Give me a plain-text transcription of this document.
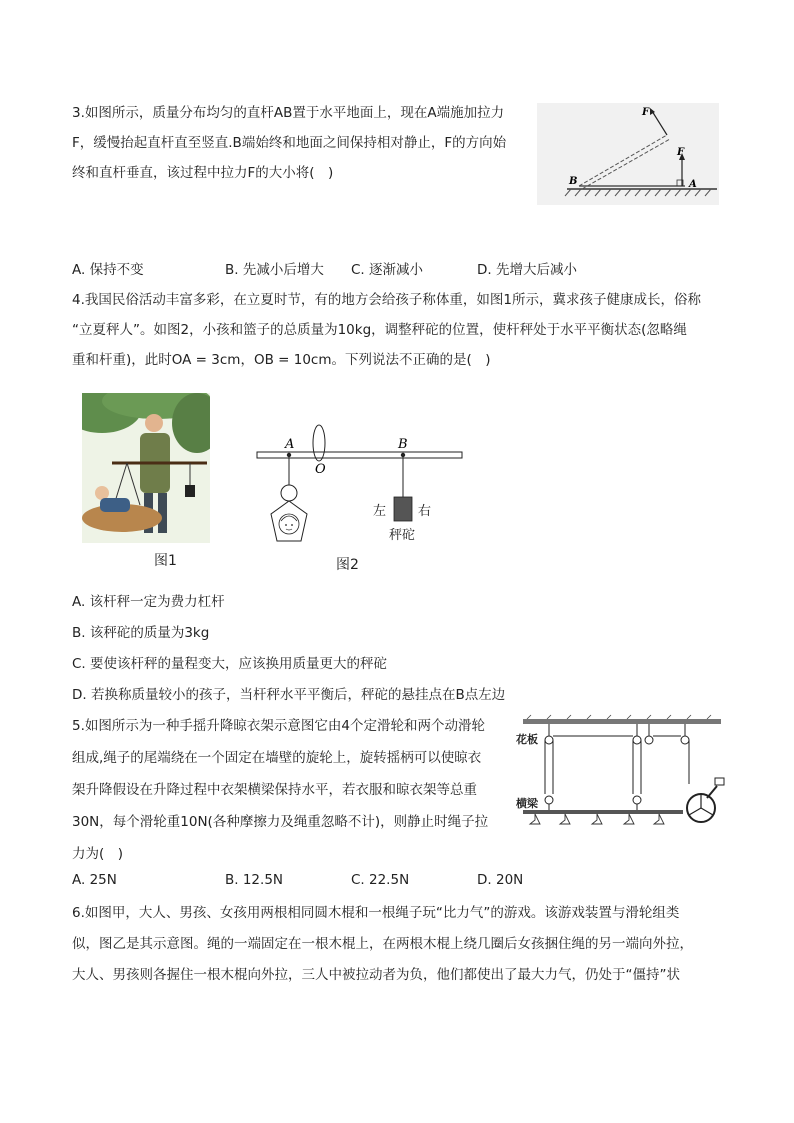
3.如图所示，质量分布均匀的直杆AB置于水平地面上，现在A端施加拉力
F，缓慢抬起直杆直至竖直.B端始终和地面之间保持相对静止，F的方向始
终和直杆垂直，该过程中拉力F的大小将(　)
F
F
B	A
A. 保持不变	B. 先减小后增大 C. 逐渐减小	D. 先增大后减小
4.我国民俗活动丰富多彩，在立夏时节，有的地方会给孩子称体重，如图1所示，冀求孩子健康成长，俗称
“立夏秤人”。如图2，小孩和篮子的总质量为10kg，调整秤砣的位置，使杆秤处于水平平衡状态(忽略绳
重和杆重)，此时OA = 3cm，OB = 10cm。下列说法不正确的是(　)
图1
A
O
B
左 右
秤砣
图2
A. 该杆秤一定为费力杠杆
B. 该秤砣的质量为3kg
C. 要使该杆秤的量程变大，应该换用质量更大的秤砣
D. 若换称质量较小的孩子，当杆秤水平平衡后，秤砣的悬挂点在B点左边
5.如图所示为一种手摇升降晾衣架示意图它由4个定滑轮和两个动滑轮
组成,绳子的尾端绕在一个固定在墙壁的旋轮上，旋转摇柄可以使晾衣
架升降假设在升降过程中衣架横梁保持水平，若衣服和晾衣架等总重
30N，每个滑轮重10N(各种摩擦力及绳重忽略不计)，则静止时绳子拉
力为(　)
花板
横梁
A. 25N	B. 12.5N	C. 22.5N	D. 20N
6.如图甲，大人、男孩、女孩用两根相同圆木棍和一根绳子玩“比力气”的游戏。该游戏装置与滑轮组类
似，图乙是其示意图。绳的一端固定在一根木棍上，在两根木棍上绕几圈后女孩捆住绳的另一端向外拉，
大人、男孩则各握住一根木棍向外拉，三人中被拉动者为负，他们都使出了最大力气，仍处于“僵持”状
